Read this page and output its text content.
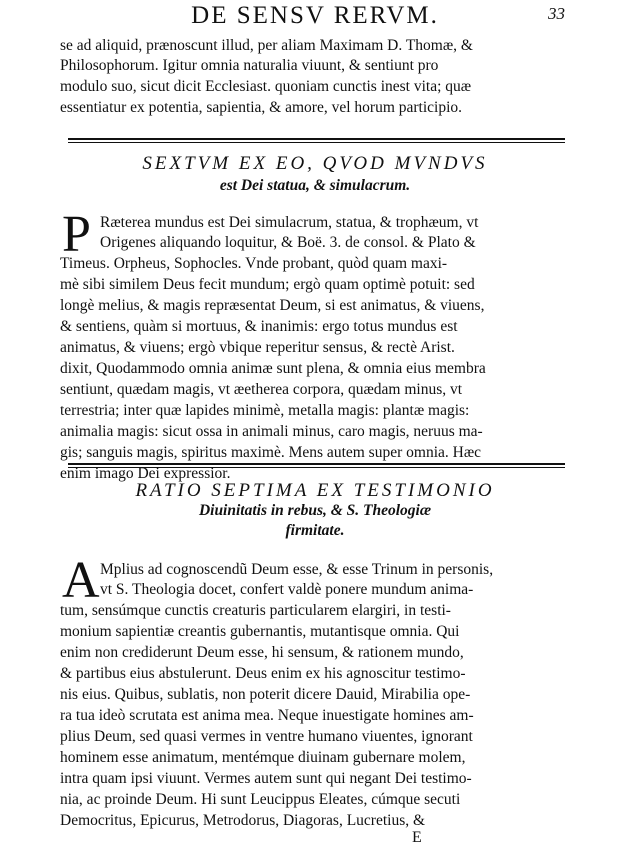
DE SENSV RERVM.	33

se ad aliquid, prænoscunt illud, per aliam Maximam D. Thomæ, &

Philosophorum. Igitur omnia naturalia viuunt, & sentiunt pro

modulo suo, sicut dicit Ecclesiast. quoniam cunctis inest vita; quæ

essentiatur ex potentia, sapientia, & amore, vel horum participio.

SEXTVM EX EO, QVOD MVNDVS
est Dei statua, & simulacrum.
P Ræterea mundus est Dei simulacrum, statua, & trophæum, vt

Origenes aliquando loquitur, & Boë. 3. de consol. & Plato &

Timeus. Orpheus, Sophocles. Vnde probant, quòd quam maxi-

mè sibi similem Deus fecit mundum; ergò quam optimè potuit: sed

longè melius, & magis repræsentat Deum, si est animatus, & viuens,

& sentiens, quàm si mortuus, & inanimis: ergo totus mundus est

animatus, & viuens; ergò vbique reperitur sensus, & rectè Arist.

dixit, Quodammodo omnia animæ sunt plena, & omnia eius membra

sentiunt, quædam magis, vt æetherea corpora, quædam minus, vt

terrestria; inter quæ lapides minimè, metalla magis: plantæ magis:

animalia magis: sicut ossa in animali minus, caro magis, neruus ma-

gis; sanguis magis, spiritus maximè. Mens autem super omnia. Hæc

enim imago Dei expressior.

RATIO SEPTIMA EX TESTIMONIO
Diuinitatis in rebus, & S. Theologiæ
firmitate.
A Mplius ad cognoscendũ Deum esse, & esse Trinum in personis,

vt S. Theologia docet, confert valdè ponere mundum anima-

tum, sensúmque cunctis creaturis particularem elargiri, in testi-

monium sapientiæ creantis gubernantis, mutantisque omnia. Qui

enim non crediderunt Deum esse, hi sensum, & rationem mundo,

& partibus eius abstulerunt. Deus enim ex his agnoscitur testimo-

nis eius. Quibus, sublatis, non poterit dicere Dauid, Mirabilia ope-

ra tua ideò scrutata est anima mea. Neque inuestigate homines am-

plius Deum, sed quasi vermes in ventre humano viuentes, ignorant

hominem esse animatum, mentémque diuinam gubernare molem,

intra quam ipsi viuunt. Vermes autem sunt qui negant Dei testimo-

nia, ac proinde Deum. Hi sunt Leucippus Eleates, cúmque secuti

Democritus, Epicurus, Metrodorus, Diagoras, Lucretius, &

E
